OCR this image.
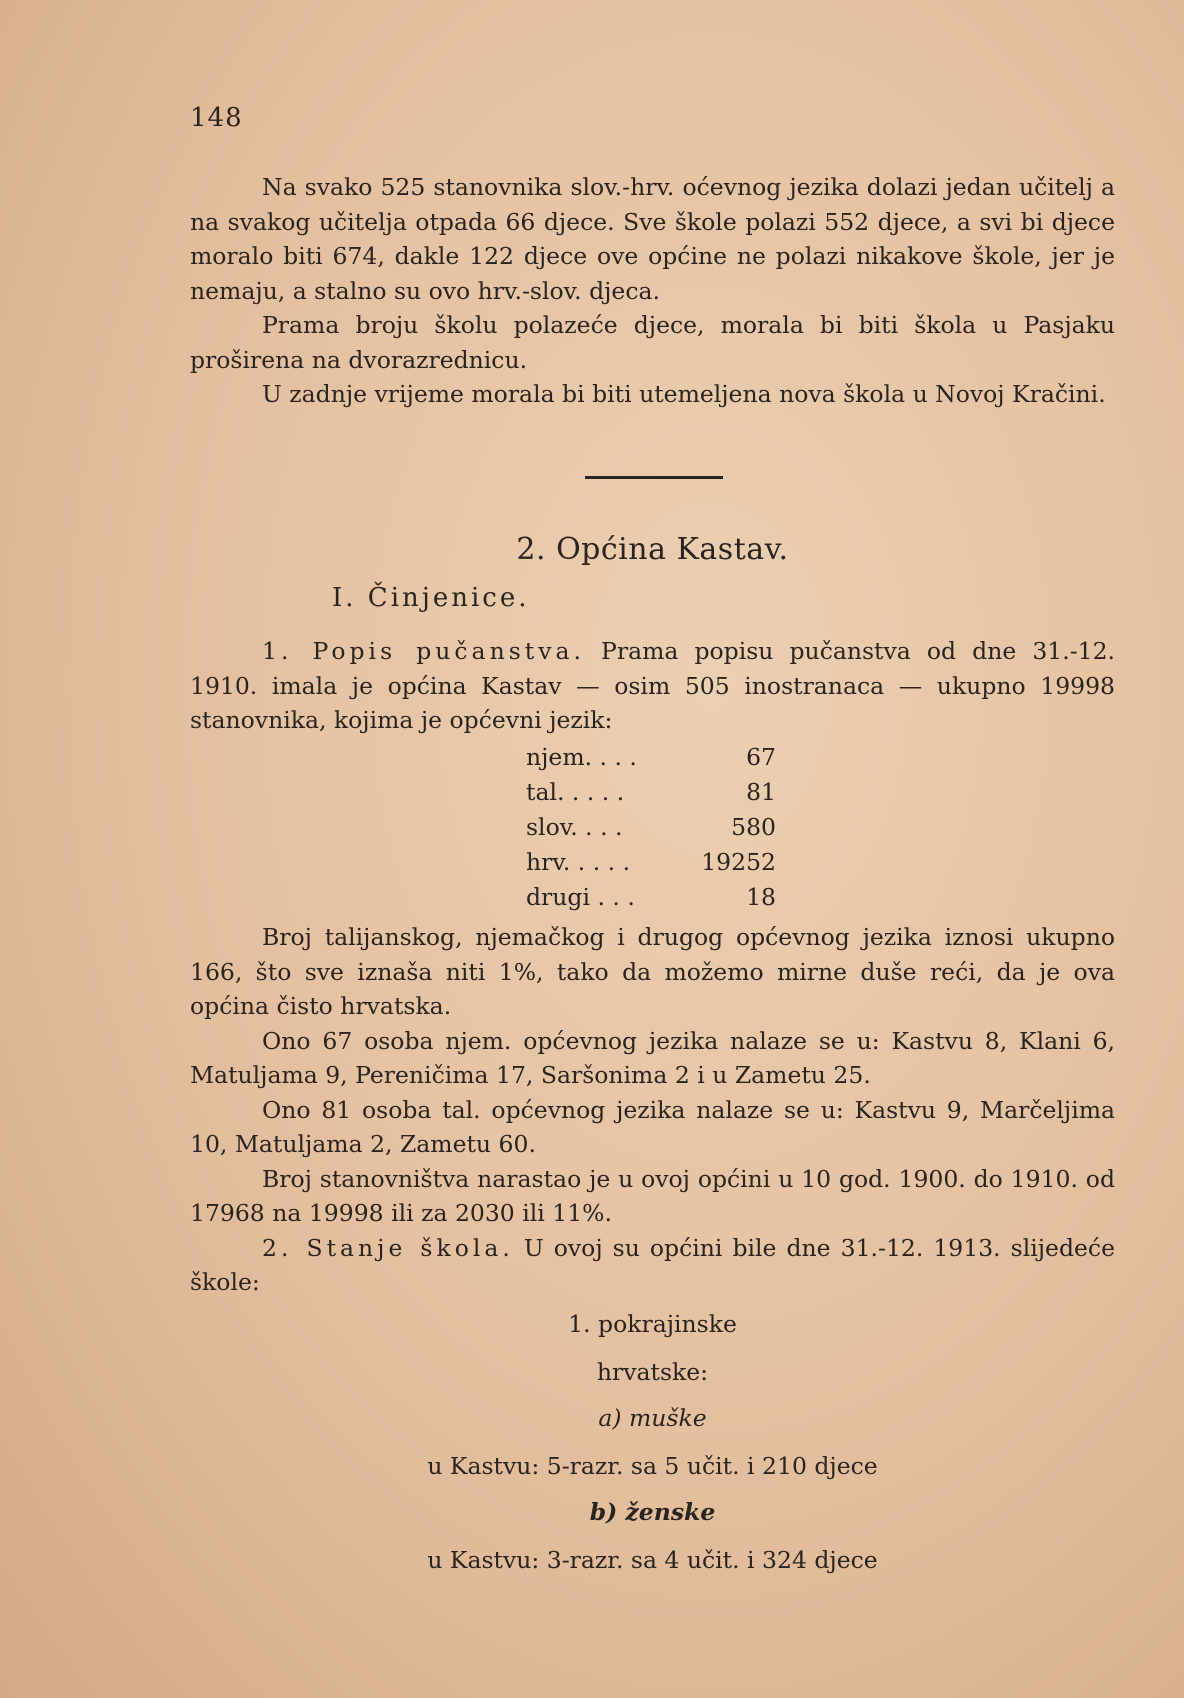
148

Na svako 525 stanovnika slov.-hrv. oćevnog jezika dolazi jedan učitelj a na svakog učitelja otpada 66 djece. Sve škole polazi 552 djece, a svi bi djece moralo biti 674, dakle 122 djece ove općine ne polazi nikakove škole, jer je nemaju, a stalno su ovo hrv.-slov. djeca.

Prama broju školu polazeće djece, morala bi biti škola u Pasjaku proširena na dvorazrednicu.

U zadnje vrijeme morala bi biti utemeljena nova škola u Novoj Kračini.

2. Općina Kastav.
I. Činjenice.

1. Popis pučanstva. Prama popisu pučanstva od dne 31.-12. 1910. imala je općina Kastav — osim 505 inostranaca — ukupno 19998 stanovnika, kojima je općevni jezik:

njem. . . .	67
tal. . . . .	81
slov. . . .	580
hrv. . . . .	19252
drugi . . .	18

Broj talijanskog, njemačkog i drugog općevnog jezika iznosi ukupno 166, što sve iznaša niti 1%, tako da možemo mirne duše reći, da je ova općina čisto hrvatska.

Ono 67 osoba njem. općevnog jezika nalaze se u: Kastvu 8, Klani 6, Matuljama 9, Pereničima 17, Saršonima 2 i u Zametu 25.

Ono 81 osoba tal. općevnog jezika nalaze se u: Kastvu 9, Marčeljima 10, Matuljama 2, Zametu 60.

Broj stanovništva narastao je u ovoj općini u 10 god. 1900. do 1910. od 17968 na 19998 ili za 2030 ili 11%.

2. Stanje škola. U ovoj su općini bile dne 31.-12. 1913. slijedeće škole:

1. pokrajinske
hrvatske:
a) muške
u Kastvu: 5-razr. sa 5 učit. i 210 djece
b) ženske
u Kastvu: 3-razr. sa 4 učit. i 324 djece
